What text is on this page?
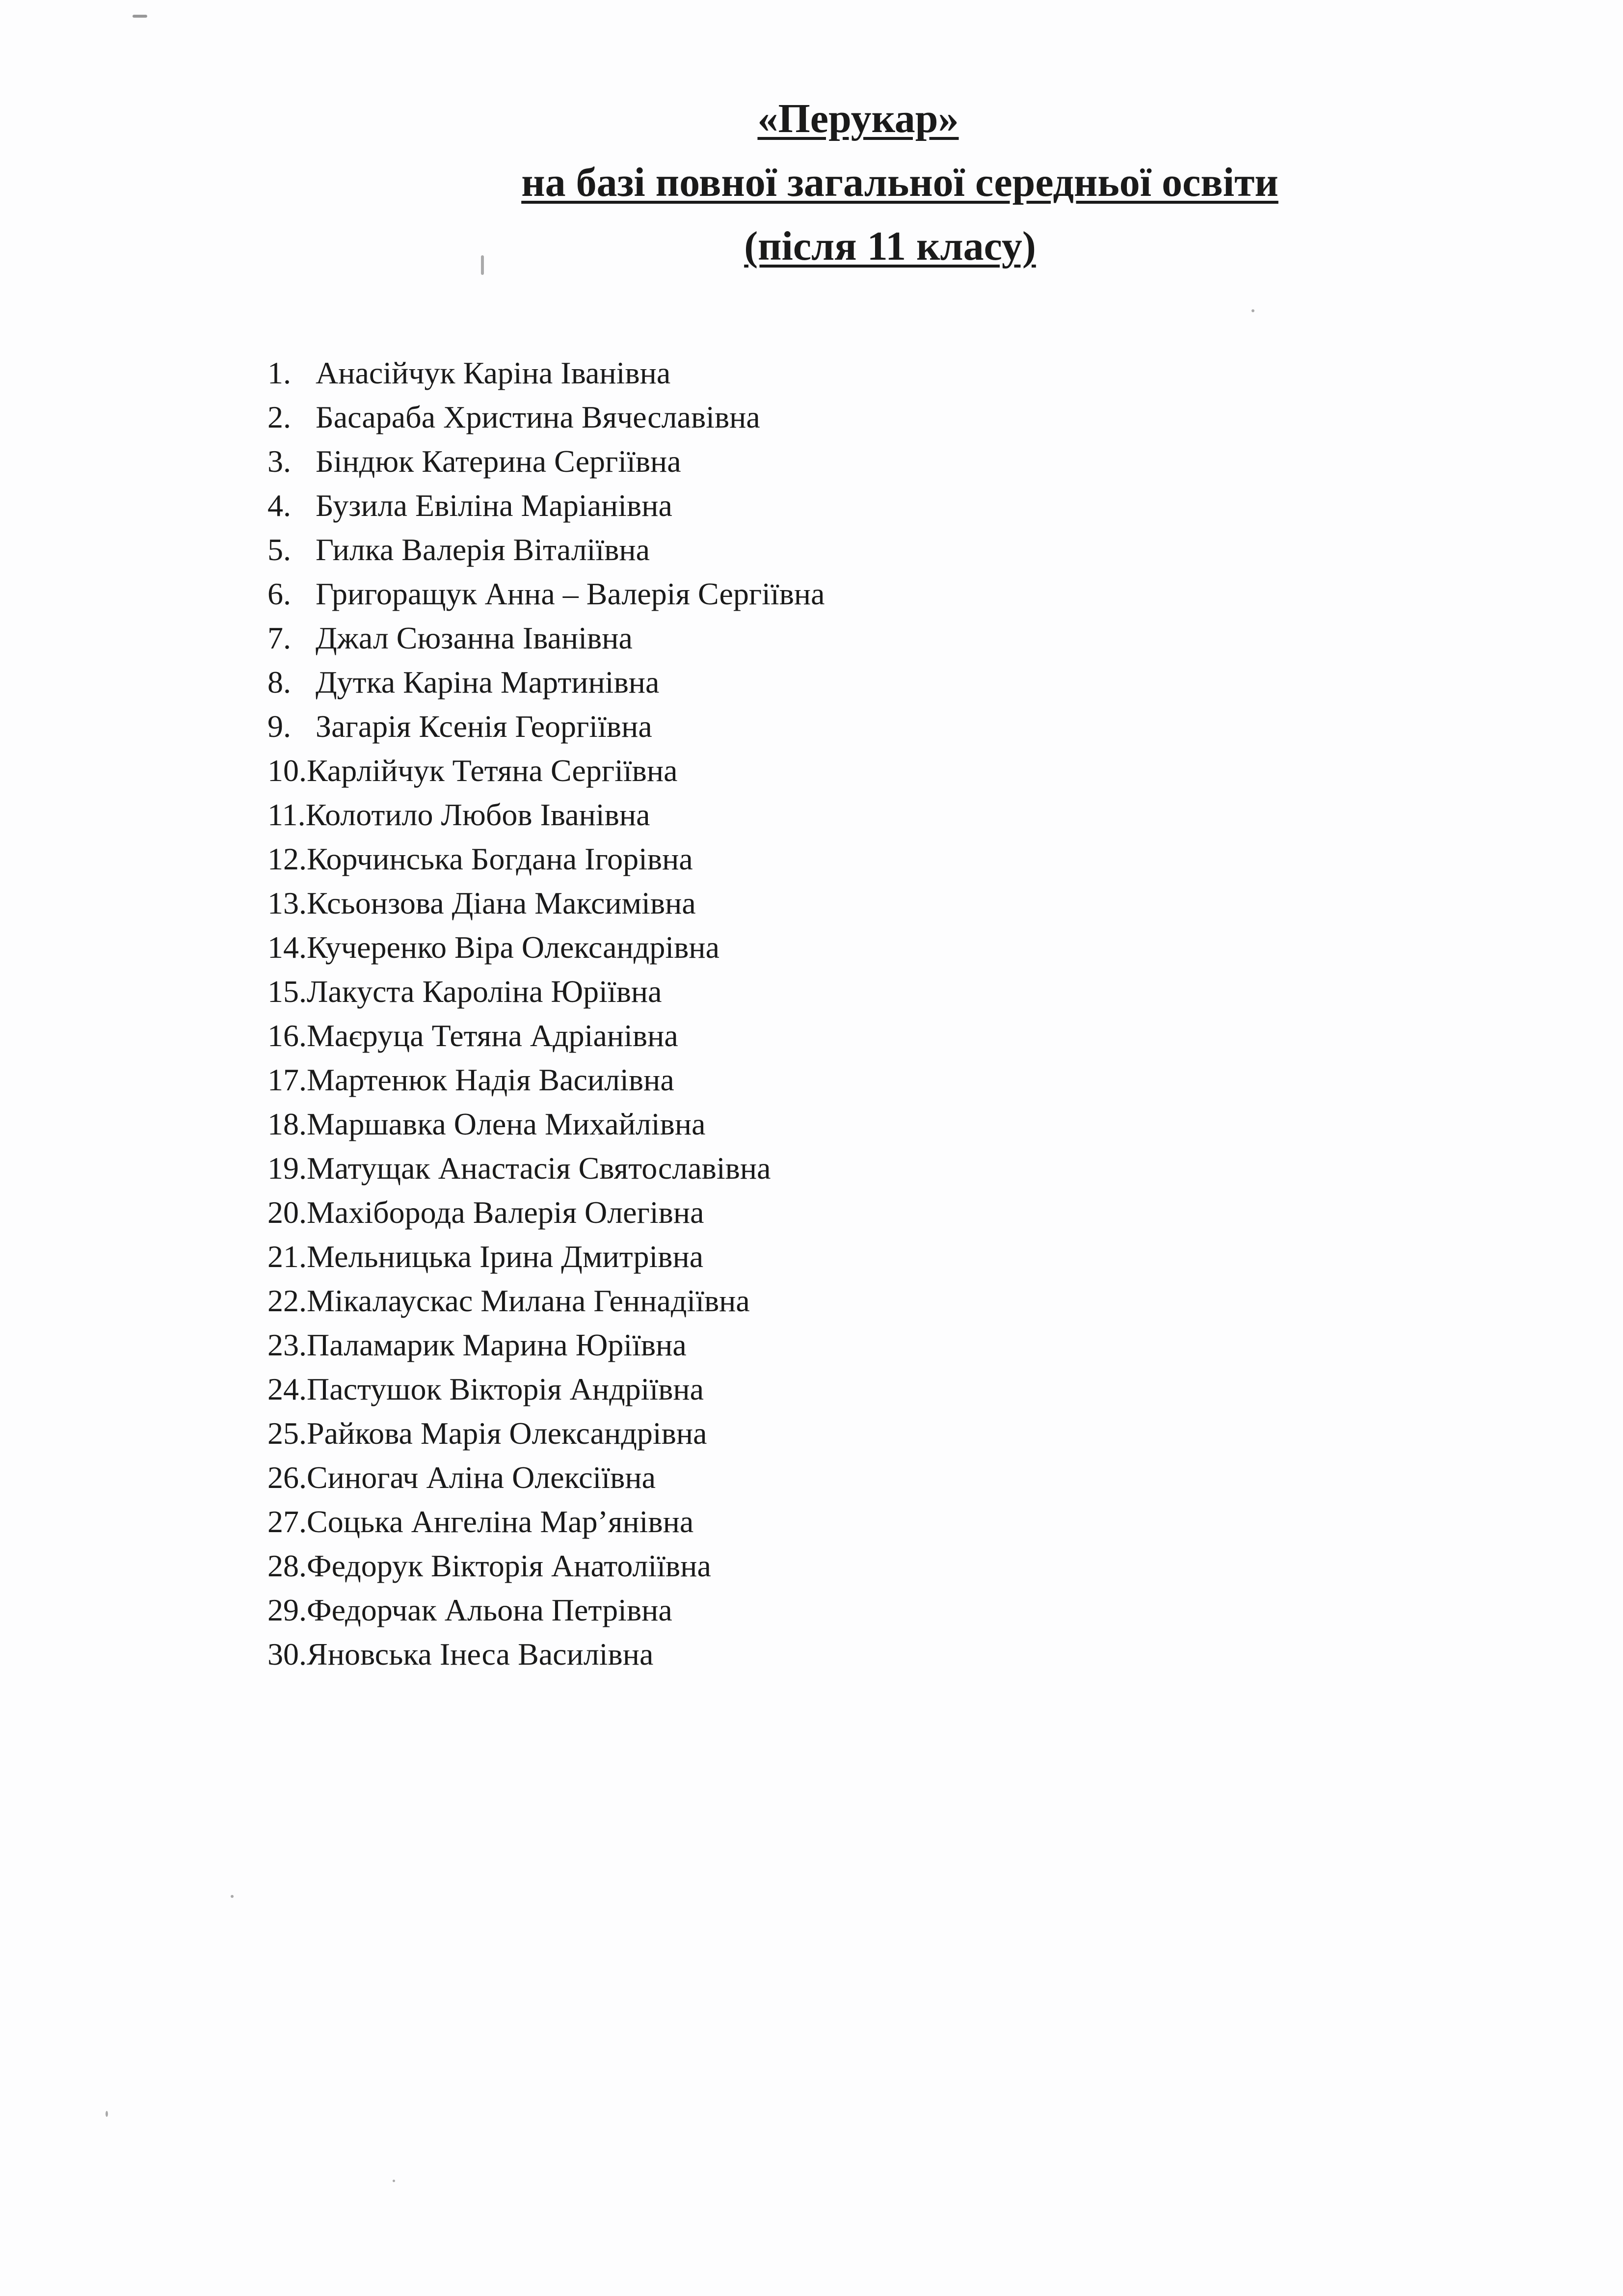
«Перукар»
на базі повної загальної середньої освіти
(після 11 класу)
1. Анасійчук Каріна Іванівна
2. Басараба Христина Вячеславівна
3. Біндюк Катерина Сергіївна
4. Бузила Евіліна Маріанівна
5. Гилка Валерія Віталіївна
6. Григоращук Анна – Валерія Сергіївна
7. Джал Сюзанна Іванівна
8. Дутка Каріна Мартинівна
9. Загарія Ксенія Георгіївна
10.Карлійчук Тетяна Сергіївна
11.Колотило Любов Іванівна
12.Корчинська Богдана Ігорівна
13.Ксьонзова Діана Максимівна
14.Кучеренко Віра Олександрівна
15.Лакуста Кароліна Юріївна
16.Маєруца Тетяна Адріанівна
17.Мартенюк Надія Василівна
18.Маршавка Олена Михайлівна
19.Матущак Анастасія Святославівна
20.Махіборода Валерія Олегівна
21.Мельницька Ірина Дмитрівна
22.Мікалаускас Милана Геннадіївна
23.Паламарик Марина Юріївна
24.Пастушок Вікторія Андріївна
25.Райкова Марія Олександрівна
26.Синогач Аліна Олексіївна
27.Соцька Ангеліна Мар’янівна
28.Федорук Вікторія Анатоліївна
29.Федорчак Альона Петрівна
30.Яновська Інеса Василівна
